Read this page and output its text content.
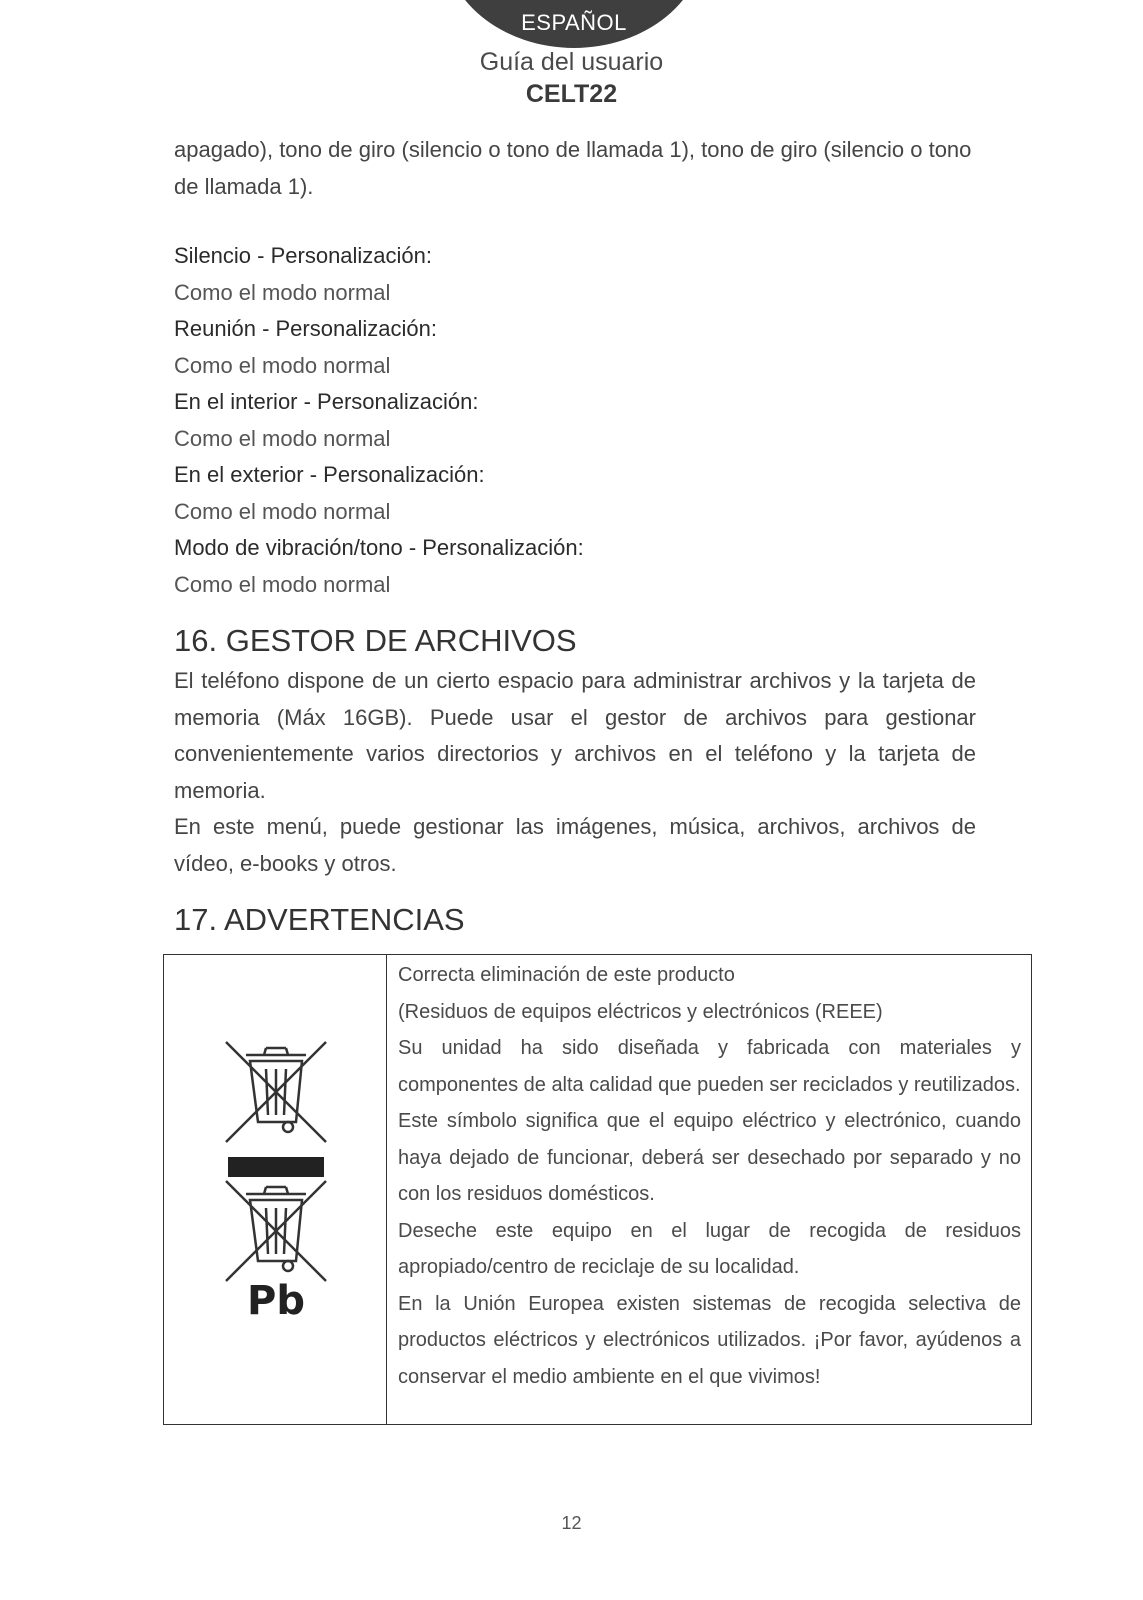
ESPAÑOL
Guía del usuario
CELT22

apagado), tono de giro (silencio o tono de llamada 1), tono de giro (silencio o tono de llamada 1).

Silencio - Personalización:

Como el modo normal

Reunión - Personalización:

Como el modo normal

En el interior - Personalización:

Como el modo normal

En el exterior - Personalización:

Como el modo normal

Modo de vibración/tono - Personalización:

Como el modo normal

16. GESTOR DE ARCHIVOS

El teléfono dispone de un cierto espacio para administrar archivos y la tarjeta de memoria (Máx 16GB). Puede usar el gestor de archivos para gestionar convenientemente varios directorios y archivos en el teléfono y la tarjeta de memoria.

En este menú, puede gestionar las imágenes, música, archivos, archivos de vídeo, e-books y otros.

17. ADVERTENCIAS
Pb

Correcta eliminación de este producto

(Residuos de equipos eléctricos y electrónicos (REEE)

Su unidad ha sido diseñada y fabricada con materiales y componentes de alta calidad que pueden ser reciclados y reutilizados.

Este símbolo significa que el equipo eléctrico y electrónico, cuando haya dejado de funcionar, deberá ser desechado por separado y no con los residuos domésticos.

Deseche este equipo en el lugar de recogida de residuos apropiado/centro de reciclaje de su localidad.

En la Unión Europea existen sistemas de recogida selectiva de productos eléctricos y electrónicos utilizados. ¡Por favor, ayúdenos a conservar el medio ambiente en el que vivimos!

12
